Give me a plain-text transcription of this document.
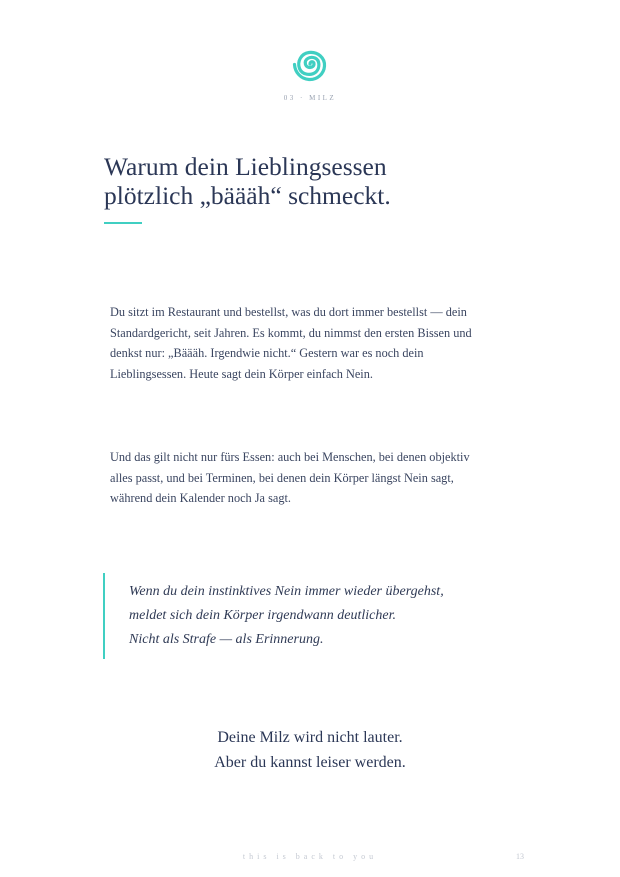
03 · MILZ
Warum dein Lieblingsessen
plötzlich „bäääh“ schmeckt.

Du sitzt im Restaurant und bestellst, was du dort immer bestellst — dein
Standardgericht, seit Jahren. Es kommt, du nimmst den ersten Bissen und
denkst nur: „Bäääh. Irgendwie nicht.“ Gestern war es noch dein
Lieblingsessen. Heute sagt dein Körper einfach Nein.

Und das gilt nicht nur fürs Essen: auch bei Menschen, bei denen objektiv
alles passt, und bei Terminen, bei denen dein Körper längst Nein sagt,
während dein Kalender noch Ja sagt.

Wenn du dein instinktives Nein immer wieder übergehst,
meldet sich dein Körper irgendwann deutlicher.
Nicht als Strafe — als Erinnerung.
Deine Milz wird nicht lauter.
Aber du kannst leiser werden.
this is back to you	13
